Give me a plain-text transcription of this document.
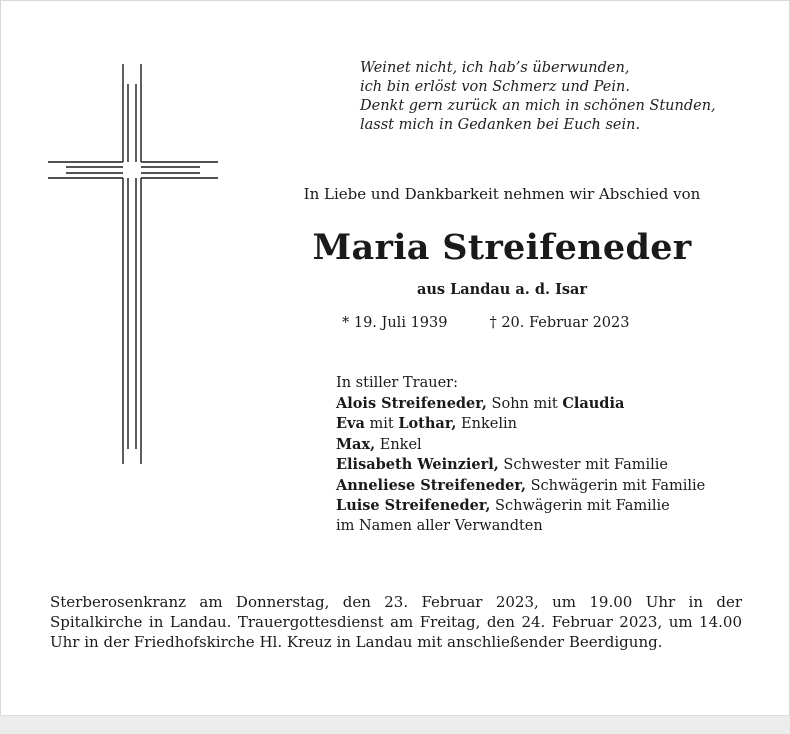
Weinet nicht, ich hab’s überwunden,
ich bin erlöst von Schmerz und Pein.
Denkt gern zurück an mich in schönen Stunden,
lasst mich in Gedanken bei Euch sein.
In Liebe und Dankbarkeit nehmen wir Abschied von
Maria Streifeneder
aus Landau a. d. Isar
* 19. Juli 1939	† 20. Februar 2023
In stiller Trauer:
Alois Streifeneder, Sohn mit Claudia
Eva mit Lothar, Enkelin
Max, Enkel
Elisabeth Weinzierl, Schwester mit Familie
Anneliese Streifeneder, Schwägerin mit Familie
Luise Streifeneder, Schwägerin mit Familie
im Namen aller Verwandten
Sterberosenkranz am Donnerstag, den 23. Februar 2023, um 19.00 Uhr in der Spitalkirche in Landau. Trauergottesdienst am Freitag, den 24. Februar 2023, um 14.00 Uhr in der Friedhofskirche Hl. Kreuz in Landau mit anschließender Beerdigung.
